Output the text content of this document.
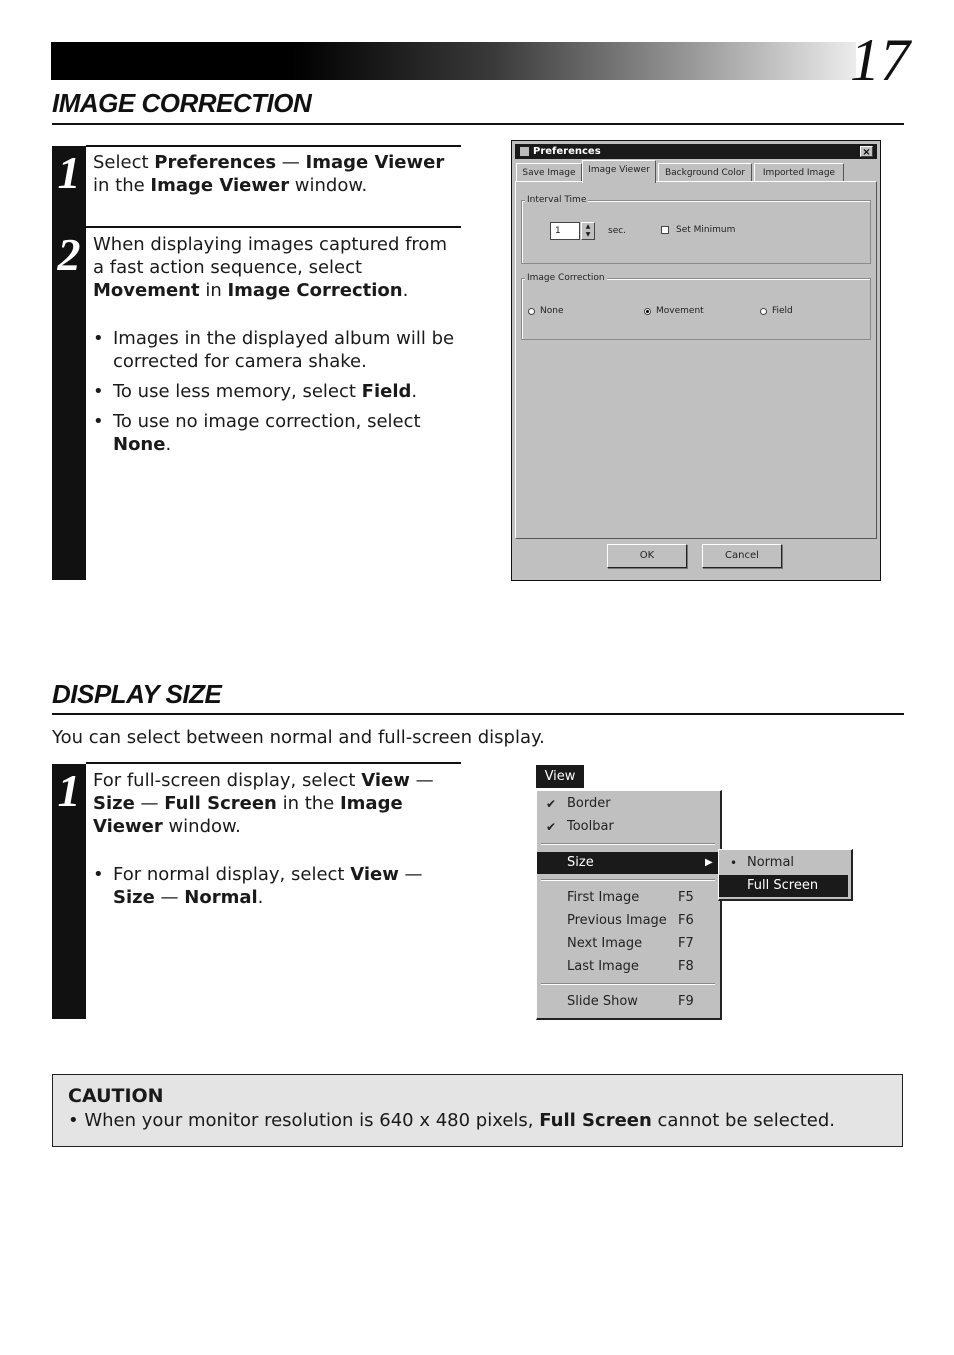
17
IMAGE CORRECTION
1
2
Select Preferences — Image Viewer in the Image Viewer window.
When displaying images captured from a fast action sequence, select Movement in Image Correction.
• Images in the displayed album will be corrected for camera shake.
• To use less memory, select Field.
• To use no image correction, select None.
Preferences	×
Save Image	Image Viewer	Background Color	Imported Image
Interval Time
1	▲
▼	sec.	Set Minimum
Image Correction
None	Movement	Field
OK	Cancel
DISPLAY SIZE
You can select between normal and full-screen display.
1 For full-screen display, select View — Size — Full Screen in the Image Viewer window.
• For normal display, select View — Size — Normal.
View
✔ Border
✔ Toolbar
Size	▶
First Image	F5
Previous Image F6
Next Image	F7
Last Image	F8
Slide Show	F9
• Normal
Full Screen
CAUTION
• When your monitor resolution is 640 x 480 pixels, Full Screen cannot be selected.
